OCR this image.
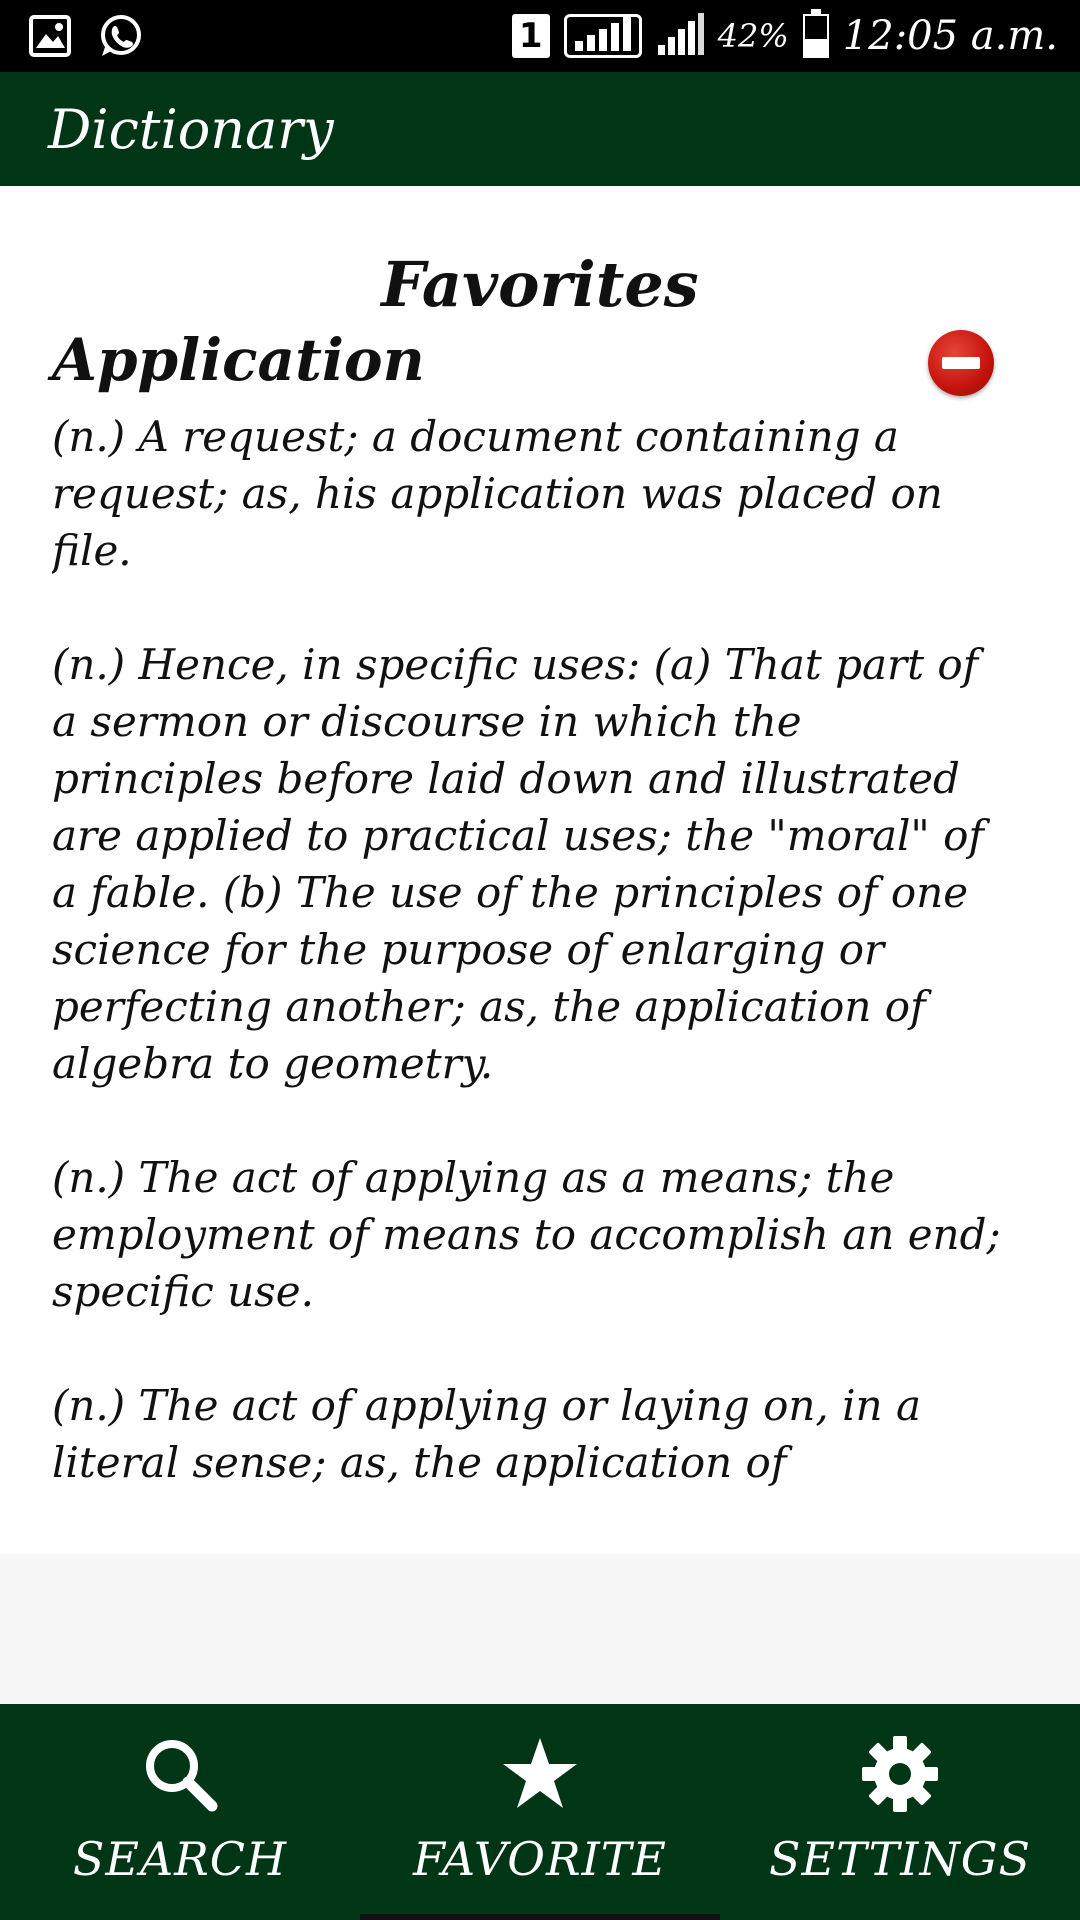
1	42% 12:05 a.m.
Dictionary
Favorites
Application

(n.) A request; a document containing a request; as, his application was placed on file.

(n.) Hence, in specific uses: (a) That part of a sermon or discourse in which the principles before laid down and illustrated are applied to practical uses; the "moral" of a fable. (b) The use of the principles of one science for the purpose of enlarging or perfecting another; as, the application of algebra to geometry.

(n.) The act of applying as a means; the employment of means to accomplish an end; specific use.

(n.) The act of applying or laying on, in a literal sense; as, the application of

SEARCH	FAVORITE	SETTINGS
